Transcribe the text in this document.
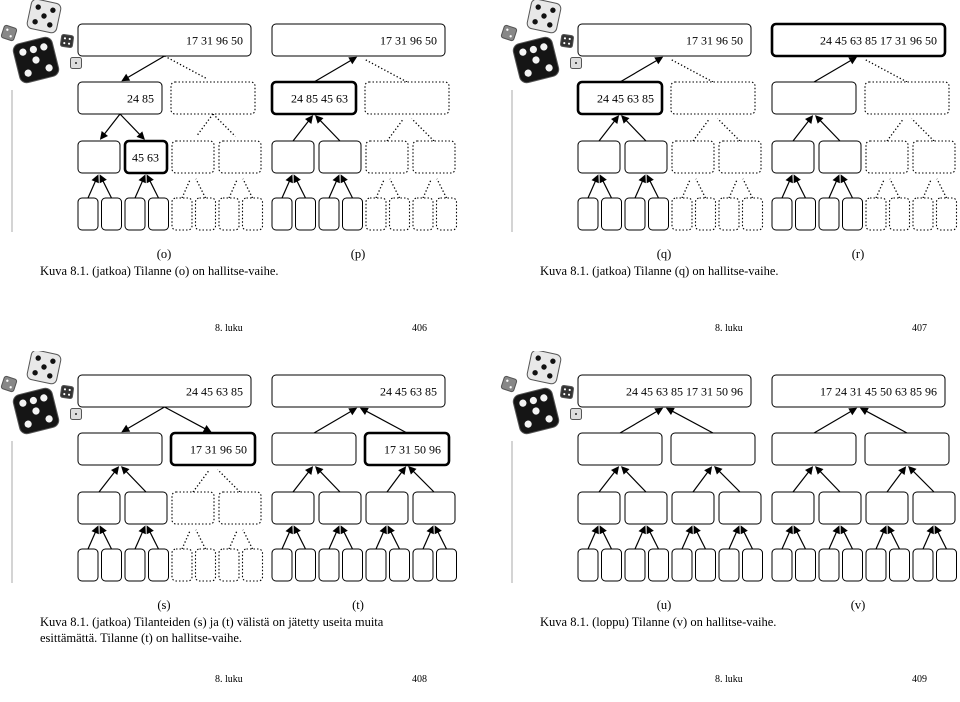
17 31 96 50
24 85
45 63
(o)
17 31 96 50
24 85 45 63
(p)
Kuva 8.1. (jatkoa) Tilanne (o) on hallitse-vaihe.
8. luku	406
17 31 96 50
24 45 63 85
(q)
24 45 63 85 17 31 96 50
(r)
Kuva 8.1. (jatkoa) Tilanne (q) on hallitse-vaihe.
8. luku	407
24 45 63 85
17 31 96 50
(s)
24 45 63 85
17 31 50 96
(t)
Kuva 8.1. (jatkoa) Tilanteiden (s) ja (t) välistä on jätetty useita muita
esittämättä. Tilanne (t) on hallitse-vaihe.
8. luku	408
24 45 63 85 17 31 50 96
(u)
17 24 31 45 50 63 85 96
(v)
Kuva 8.1. (loppu) Tilanne (v) on hallitse-vaihe.
8. luku	409
